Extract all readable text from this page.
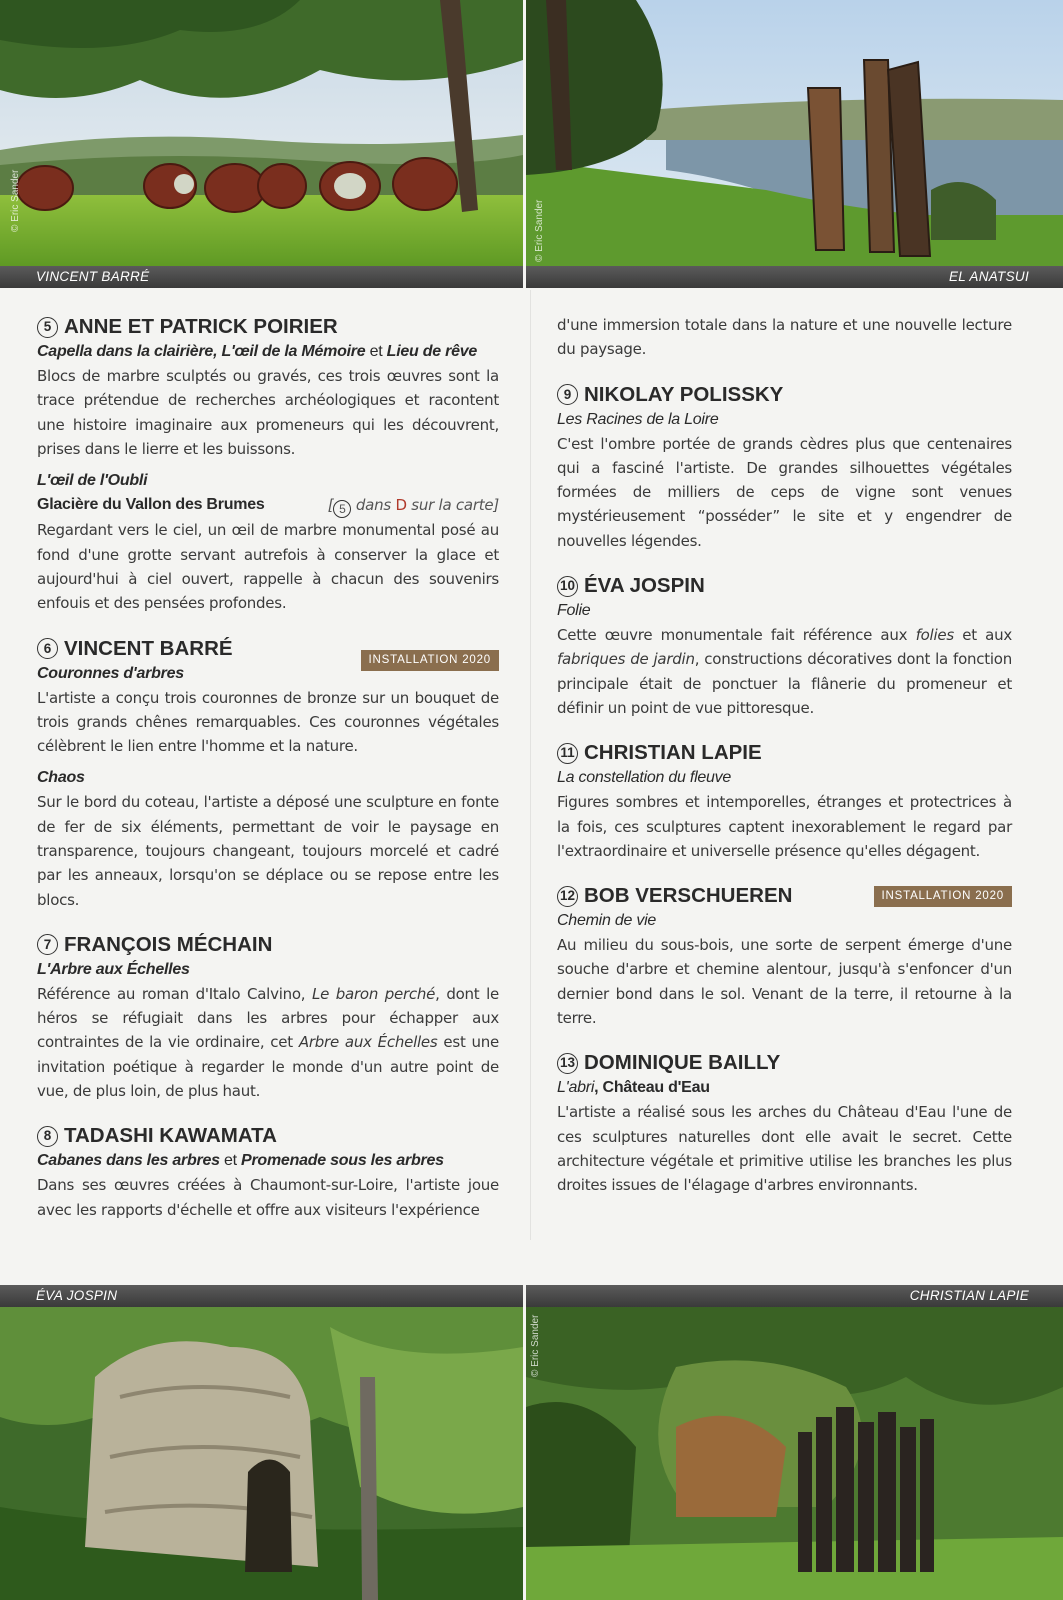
© Eric Sander
VINCENT BARRÉ
© Eric Sander
EL ANATSUI
5 ANNE ET PATRICK POIRIER
Capella dans la clairière, L'œil de la Mémoire et Lieu de rêve
Blocs de marbre sculptés ou gravés, ces trois œuvres sont la trace prétendue de recherches archéologiques et racontent une histoire imaginaire aux promeneurs qui les découvrent, prises dans le lierre et les buissons.
L'œil de l'Oubli
Glacière du Vallon des Brumes	[ 5 dans D sur la carte]
Regardant vers le ciel, un œil de marbre monumental posé au fond d'une grotte servant autrefois à conserver la glace et aujourd'hui à ciel ouvert, rappelle à chacun des souvenirs enfouis et des pensées profondes.
6 VINCENT BARRÉ
Couronnes d'arbres
INSTALLATION 2020
L'artiste a conçu trois couronnes de bronze sur un bouquet de trois grands chênes remarquables. Ces couronnes végétales célèbrent le lien entre l'homme et la nature.
Chaos
Sur le bord du coteau, l'artiste a déposé une sculpture en fonte de fer de six éléments, permettant de voir le paysage en transparence, toujours changeant, toujours morcelé et cadré par les anneaux, lorsqu'on se déplace ou se repose entre les blocs.
7 FRANÇOIS MÉCHAIN
L'Arbre aux Échelles
Référence au roman d'Italo Calvino, Le baron perché, dont le héros se réfugiait dans les arbres pour échapper aux contraintes de la vie ordinaire, cet Arbre aux Échelles est une invitation poétique à regarder le monde d'un autre point de vue, de plus loin, de plus haut.
8 TADASHI KAWAMATA
Cabanes dans les arbres et Promenade sous les arbres
Dans ses œuvres créées à Chaumont-sur-Loire, l'artiste joue avec les rapports d'échelle et offre aux visiteurs l'expérience
d'une immersion totale dans la nature et une nouvelle lecture du paysage.
9 NIKOLAY POLISSKY
Les Racines de la Loire
C'est l'ombre portée de grands cèdres plus que centenaires qui a fasciné l'artiste. De grandes silhouettes végétales formées de milliers de ceps de vigne sont venues mystérieusement “posséder” le site et y engendrer de nouvelles légendes.
10 ÉVA JOSPIN
Folie
Cette œuvre monumentale fait référence aux folies et aux fabriques de jardin, constructions décoratives dont la fonction principale était de ponctuer la flânerie du promeneur et définir un point de vue pittoresque.
11 CHRISTIAN LAPIE
La constellation du fleuve
Figures sombres et intemporelles, étranges et protectrices à la fois, ces sculptures captent inexorablement le regard par l'extraordinaire et universelle présence qu'elles dégagent.
12 BOB VERSCHUEREN	INSTALLATION 2020
Chemin de vie
Au milieu du sous-bois, une sorte de serpent émerge d'une souche d'arbre et chemine alentour, jusqu'à s'enfoncer d'un dernier bond dans le sol. Venant de la terre, il retourne à la terre.
13 DOMINIQUE BAILLY
L'abri, Château d'Eau
L'artiste a réalisé sous les arches du Château d'Eau l'une de ces sculptures naturelles dont elle avait le secret. Cette architecture végétale et primitive utilise les branches les plus droites issues de l'élagage d'arbres environnants.
ÉVA JOSPIN	CHRISTIAN LAPIE
© Eric Sander
